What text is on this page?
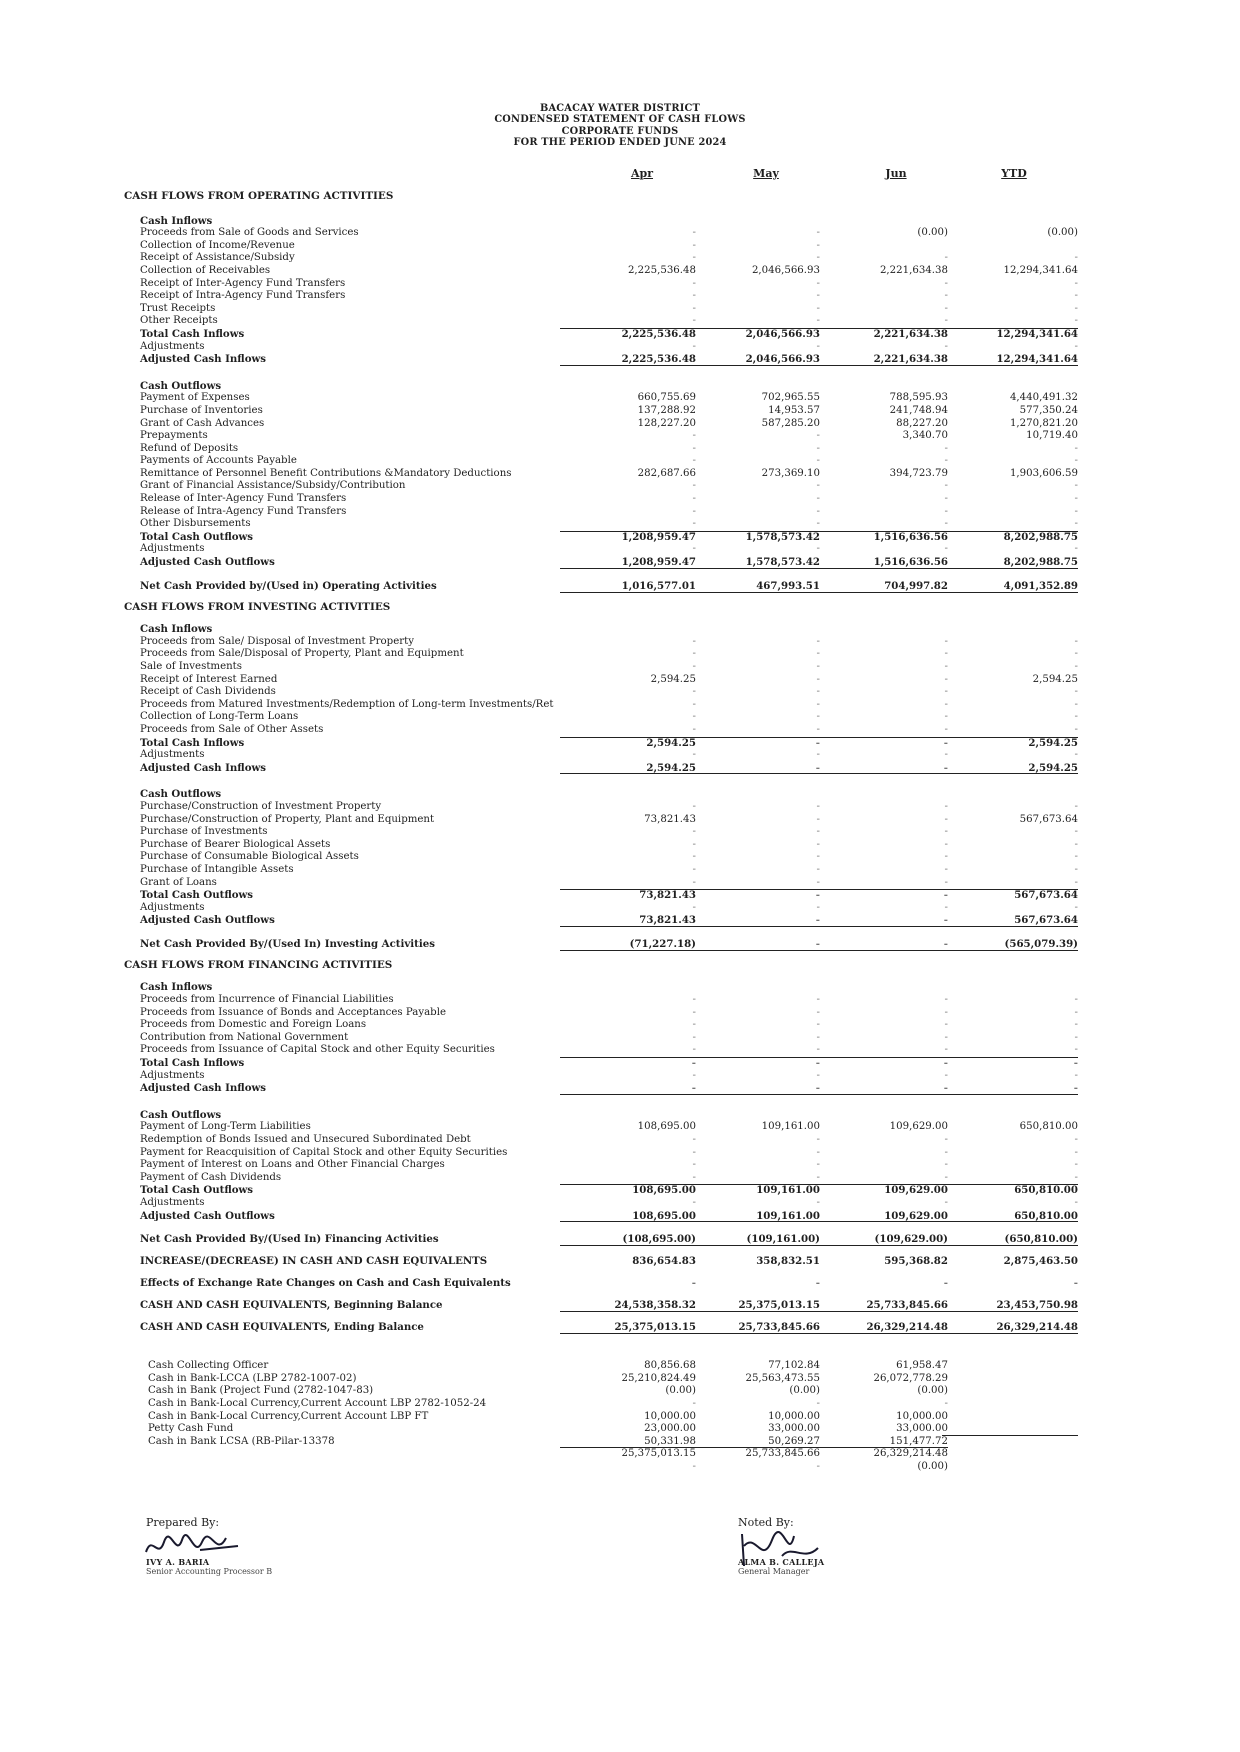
BACACAY WATER DISTRICT
CONDENSED STATEMENT OF CASH FLOWS
CORPORATE FUNDS
FOR THE PERIOD ENDED JUNE 2024
Apr	May	Jun	YTD
CASH FLOWS FROM OPERATING ACTIVITIES
Cash Inflows
Proceeds from Sale of Goods and Services	-	-	(0.00)	(0.00)
Collection of Income/Revenue	-	-
Receipt of Assistance/Subsidy	-	-	-	-
Collection of Receivables	2,225,536.48	2,046,566.93	2,221,634.38	12,294,341.64
Receipt of Inter-Agency Fund Transfers	-	-	-	-
Receipt of Intra-Agency Fund Transfers	-	-	-	-
Trust Receipts	-	-	-	-
Other Receipts	-	-	-	-
Total Cash Inflows	2,225,536.48	2,046,566.93	2,221,634.38	12,294,341.64
Adjustments	-	-	-	-
Adjusted Cash Inflows	2,225,536.48	2,046,566.93	2,221,634.38	12,294,341.64
Cash Outflows
Payment of Expenses	660,755.69	702,965.55	788,595.93	4,440,491.32
Purchase of Inventories	137,288.92	14,953.57	241,748.94	577,350.24
Grant of Cash Advances	128,227.20	587,285.20	88,227.20	1,270,821.20
Prepayments	-	-	3,340.70	10,719.40
Refund of Deposits	-	-	-	-
Payments of Accounts Payable	-	-	-	-
Remittance of Personnel Benefit Contributions &Mandatory Deductions	282,687.66	273,369.10	394,723.79	1,903,606.59
Grant of Financial Assistance/Subsidy/Contribution	-	-	-	-
Release of Inter-Agency Fund Transfers	-	-	-	-
Release of Intra-Agency Fund Transfers	-	-	-	-
Other Disbursements	-	-	-	-
Total Cash Outflows	1,208,959.47	1,578,573.42	1,516,636.56	8,202,988.75
Adjustments	-	-	-	-
Adjusted Cash Outflows	1,208,959.47	1,578,573.42	1,516,636.56	8,202,988.75
Net Cash Provided by/(Used in) Operating Activities	1,016,577.01	467,993.51	704,997.82	4,091,352.89
CASH FLOWS FROM INVESTING ACTIVITIES
Cash Inflows
Proceeds from Sale/ Disposal of Investment Property	-	-	-	-
Proceeds from Sale/Disposal of Property, Plant and Equipment	-	-	-	-
Sale of Investments	-	-	-	-
Receipt of Interest Earned	2,594.25	-	-	2,594.25
Receipt of Cash Dividends	-	-	-	-
Proceeds from Matured Investments/Redemption of Long-term Investments/Ret	-	-	-	-
Collection of Long-Term Loans	-	-	-	-
Proceeds from Sale of Other Assets	-	-	-	-
Total Cash Inflows	2,594.25	-	-	2,594.25
Adjustments	-	-	-	-
Adjusted Cash Inflows	2,594.25	-	-	2,594.25
Cash Outflows
Purchase/Construction of Investment Property	-	-	-	-
Purchase/Construction of Property, Plant and Equipment	73,821.43	-	-	567,673.64
Purchase of Investments	-	-	-	-
Purchase of Bearer Biological Assets	-	-	-	-
Purchase of Consumable Biological Assets	-	-	-	-
Purchase of Intangible Assets	-	-	-	-
Grant of Loans	-	-	-	-
Total Cash Outflows	73,821.43	-	-	567,673.64
Adjustments	-	-	-	-
Adjusted Cash Outflows	73,821.43	-	-	567,673.64
Net Cash Provided By/(Used In) Investing Activities	(71,227.18)	-	-	(565,079.39)
CASH FLOWS FROM FINANCING ACTIVITIES
Cash Inflows
Proceeds from Incurrence of Financial Liabilities	-	-	-	-
Proceeds from Issuance of Bonds and Acceptances Payable	-	-	-	-
Proceeds from Domestic and Foreign Loans	-	-	-	-
Contribution from National Government	-	-	-	-
Proceeds from Issuance of Capital Stock and other Equity Securities	-	-	-	-
Total Cash Inflows	-	-	-	-
Adjustments	-	-	-	-
Adjusted Cash Inflows	-	-	-	-
Cash Outflows
Payment of Long-Term Liabilities	108,695.00	109,161.00	109,629.00	650,810.00
Redemption of Bonds Issued and Unsecured Subordinated Debt	-	-	-	-
Payment for Reacquisition of Capital Stock and other Equity Securities	-	-	-	-
Payment of Interest on Loans and Other Financial Charges	-	-	-	-
Payment of Cash Dividends	-	-	-	-
Total Cash Outflows	108,695.00	109,161.00	109,629.00	650,810.00
Adjustments	-	-	-	-
Adjusted Cash Outflows	108,695.00	109,161.00	109,629.00	650,810.00
Net Cash Provided By/(Used In) Financing Activities	(108,695.00)	(109,161.00)	(109,629.00)	(650,810.00)
INCREASE/(DECREASE) IN CASH AND CASH EQUIVALENTS	836,654.83	358,832.51	595,368.82	2,875,463.50
Effects of Exchange Rate Changes on Cash and Cash Equivalents	-	-	-	-
CASH AND CASH EQUIVALENTS, Beginning Balance	24,538,358.32	25,375,013.15	25,733,845.66	23,453,750.98
CASH AND CASH EQUIVALENTS, Ending Balance	25,375,013.15	25,733,845.66	26,329,214.48	26,329,214.48
Cash Collecting Officer	80,856.68	77,102.84	61,958.47
Cash in Bank-LCCA (LBP 2782-1007-02)	25,210,824.49	25,563,473.55	26,072,778.29
Cash in Bank (Project Fund (2782-1047-83)	(0.00)	(0.00)	(0.00)
Cash in Bank-Local Currency,Current Account LBP 2782-1052-24	-	-	-
Cash in Bank-Local Currency,Current Account LBP FT	10,000.00	10,000.00	10,000.00
Petty Cash Fund	23,000.00	33,000.00	33,000.00
Cash in Bank LCSA (RB-Pilar-13378	50,331.98	50,269.27	151,477.72
25,375,013.15	25,733,845.66	26,329,214.48
-	-	(0.00)
Prepared By:
IVY A. BARIA
Senior Accounting Processor B
Noted By:
ALMA B. CALLEJA
General Manager
